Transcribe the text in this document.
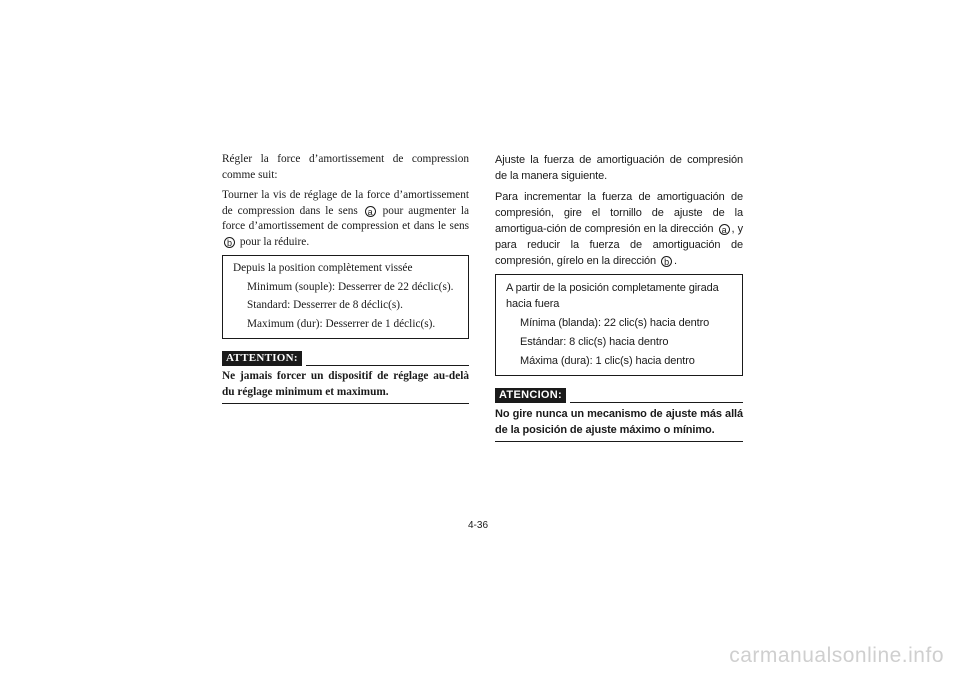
Régler la force d’amortissement de compression comme suit:

Tourner la vis de réglage de la force d’amortissement de compression dans le sens a pour augmenter la force d’amortissement de compression et dans le sens b pour la réduire.

Depuis la position complètement vissée

Minimum (souple): Desserrer de 22 déclic(s).

Standard: Desserrer de 8 déclic(s).

Maximum (dur): Desserrer de 1 déclic(s).

ATTENTION:

Ne jamais forcer un dispositif de réglage au-delà du réglage minimum et maximum.

Ajuste la fuerza de amortiguación de compresión de la manera siguiente.

Para incrementar la fuerza de amortiguación de compresión, gire el tornillo de ajuste de la amortigua-ción de compresión en la dirección a , y para reducir la fuerza de amortiguación de compresión, gírelo en la dirección b .

A partir de la posición completamente girada hacia fuera

Mínima (blanda): 22 clic(s) hacia dentro

Estándar: 8 clic(s) hacia dentro

Máxima (dura): 1 clic(s) hacia dentro

ATENCION:

No gire nunca un mecanismo de ajuste más allá de la posición de ajuste máximo o mínimo.

4-36
carmanualsonline.info
